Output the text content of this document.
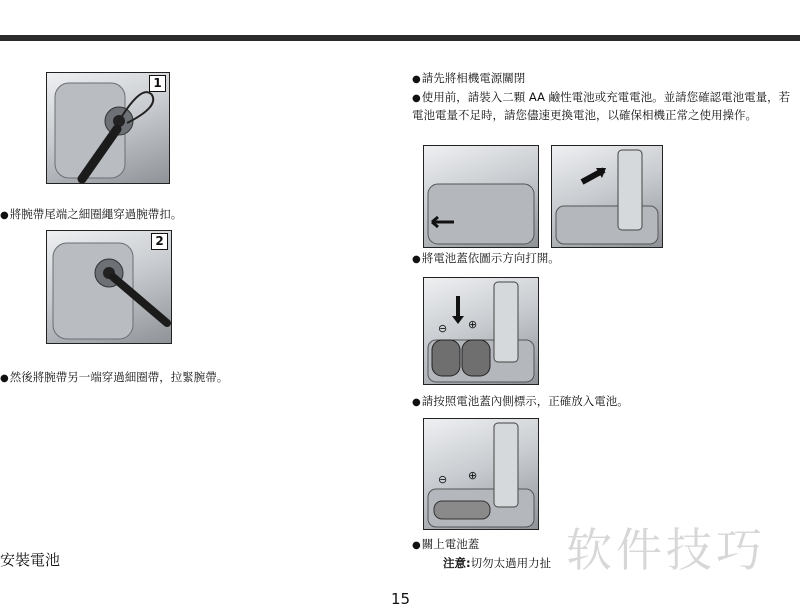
1
●將腕帶尾端之細圈繩穿過腕帶扣。
2
●然後將腕帶另一端穿過細圈帶，拉緊腕帶。
安裝電池
●請先將相機電源關閉
●使用前，請裝入二顆 AA 鹼性電池或充電電池。並請您確認電池電量，若電池電量不足時，請您儘速更換電池，以確保相機正常之使用操作。
●將電池蓋依圖示方向打開。
⊖ ⊕
●請按照電池蓋內側標示，正確放入電池。
⊖ ⊕
●關上電池蓋
注意:切勿太過用力扯 软件技巧
15
